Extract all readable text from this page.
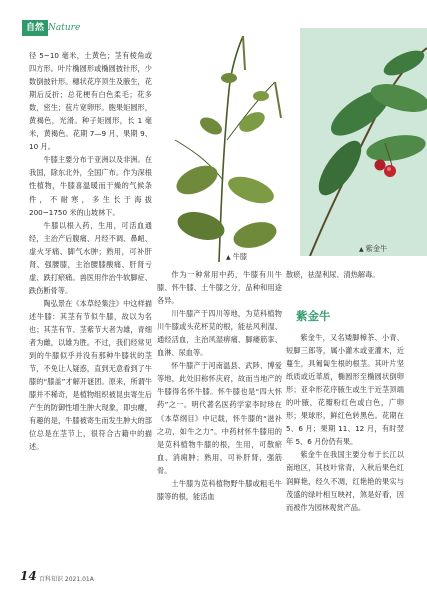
自然 Nature

径 5~10 毫米，土黄色；茎有棱角或四方形。叶片椭圆形或椭圆披针形，少数倒披针形。穗状花序顶生及腋生，花期后反折；总花梗有白色柔毛；花多数，密生；苞片宽卵形。胞果矩圆形，黄褐色，光滑。种子矩圆形，长 1 毫米，黄褐色。花期 7—9 月，果期 9、10 月。

牛膝主要分布于亚洲以及非洲。在我国，除东北外，全国广布。作为深根性植物，牛膝喜温暖而干燥的气候条件，不耐寒，多生长于海拔 200~1750 米的山坡林下。

牛膝以根入药，生用，可活血通经，主治产后腹痛、月经不调、鼻衄、虚火牙痛、脚气水肿；熟用，可补肝肾、强腰膝，主治腰膝酸痛、肝肾亏虚、跌打瘀痛。兽医用作治牛软脚症、跌伤断骨等。

陶弘景在《本草经集注》中这样描述牛膝：其茎有节似牛膝，故以为名也；其茎有节、茎紫节大者为雄，青细者为雌，以雄为胜。不过，我们经常见到的牛膝似乎并没有那种牛膝状的茎节，不免让人疑惑，直到无意看到了牛膝的“膝盖”才解开谜团。原来，所谓牛膝并不稀奇，是植物组织被昆虫寄生后产生的防御性增生肿大现象，即虫瘿，有趣的是，牛膝被寄生而发生肿大的部位总是在茎节上，很符合古籍中的描述。

▲ 牛膝
▲ 紫金牛

作为一种常用中药，牛膝有川牛膝、怀牛膝、土牛膝之分，品种和用途各异。

川牛膝产于四川等地，为苋科植物川牛膝或头花杯苋的根，能祛风利湿、通经活血，主治风湿痹痛、脚痿筋挛、血淋、尿血等。

怀牛膝产于河南温县、武陟、博爱等地，此处旧称怀庆府，故而当地产的牛膝得名怀牛膝。怀牛膝也是“四大怀药”之一。明代著名医药学家李时珍在《本草纲目》中记载，怀牛膝的“滋补之功，如牛之力”。中药材怀牛膝用的是苋科植物牛膝的根，生用，可散瘀血、消痈肿；熟用，可补肝肾，强筋骨。

土牛膝为苋科植物野牛膝或粗毛牛膝等的根，能活血

散瘀，祛湿利尿、清热解毒。

紫金牛

紫金牛，又名矮脚樟茶、小青、短脚三郎等，属小灌木或亚灌木，近蔓生，具匍匐生根的根茎。其叶片坚纸质或近革质，椭圆形至椭圆状倒卵形；亚伞形花序腋生或生于近茎顶端的叶腋，花瓣粉红色或白色，广卵形；果球形，鲜红色转黑色。花期在 5、6 月；果期 11、12 月，有时翌年 5、6 月份仍有果。

紫金牛在我国主要分布于长江以南地区，其枝叶常青，入秋后果色红润鲜艳，经久不凋，红艳艳的果实与茂盛的绿叶相互映衬，煞是好看，因而被作为园林观赏产品。

14 百科知识 2021.01A
